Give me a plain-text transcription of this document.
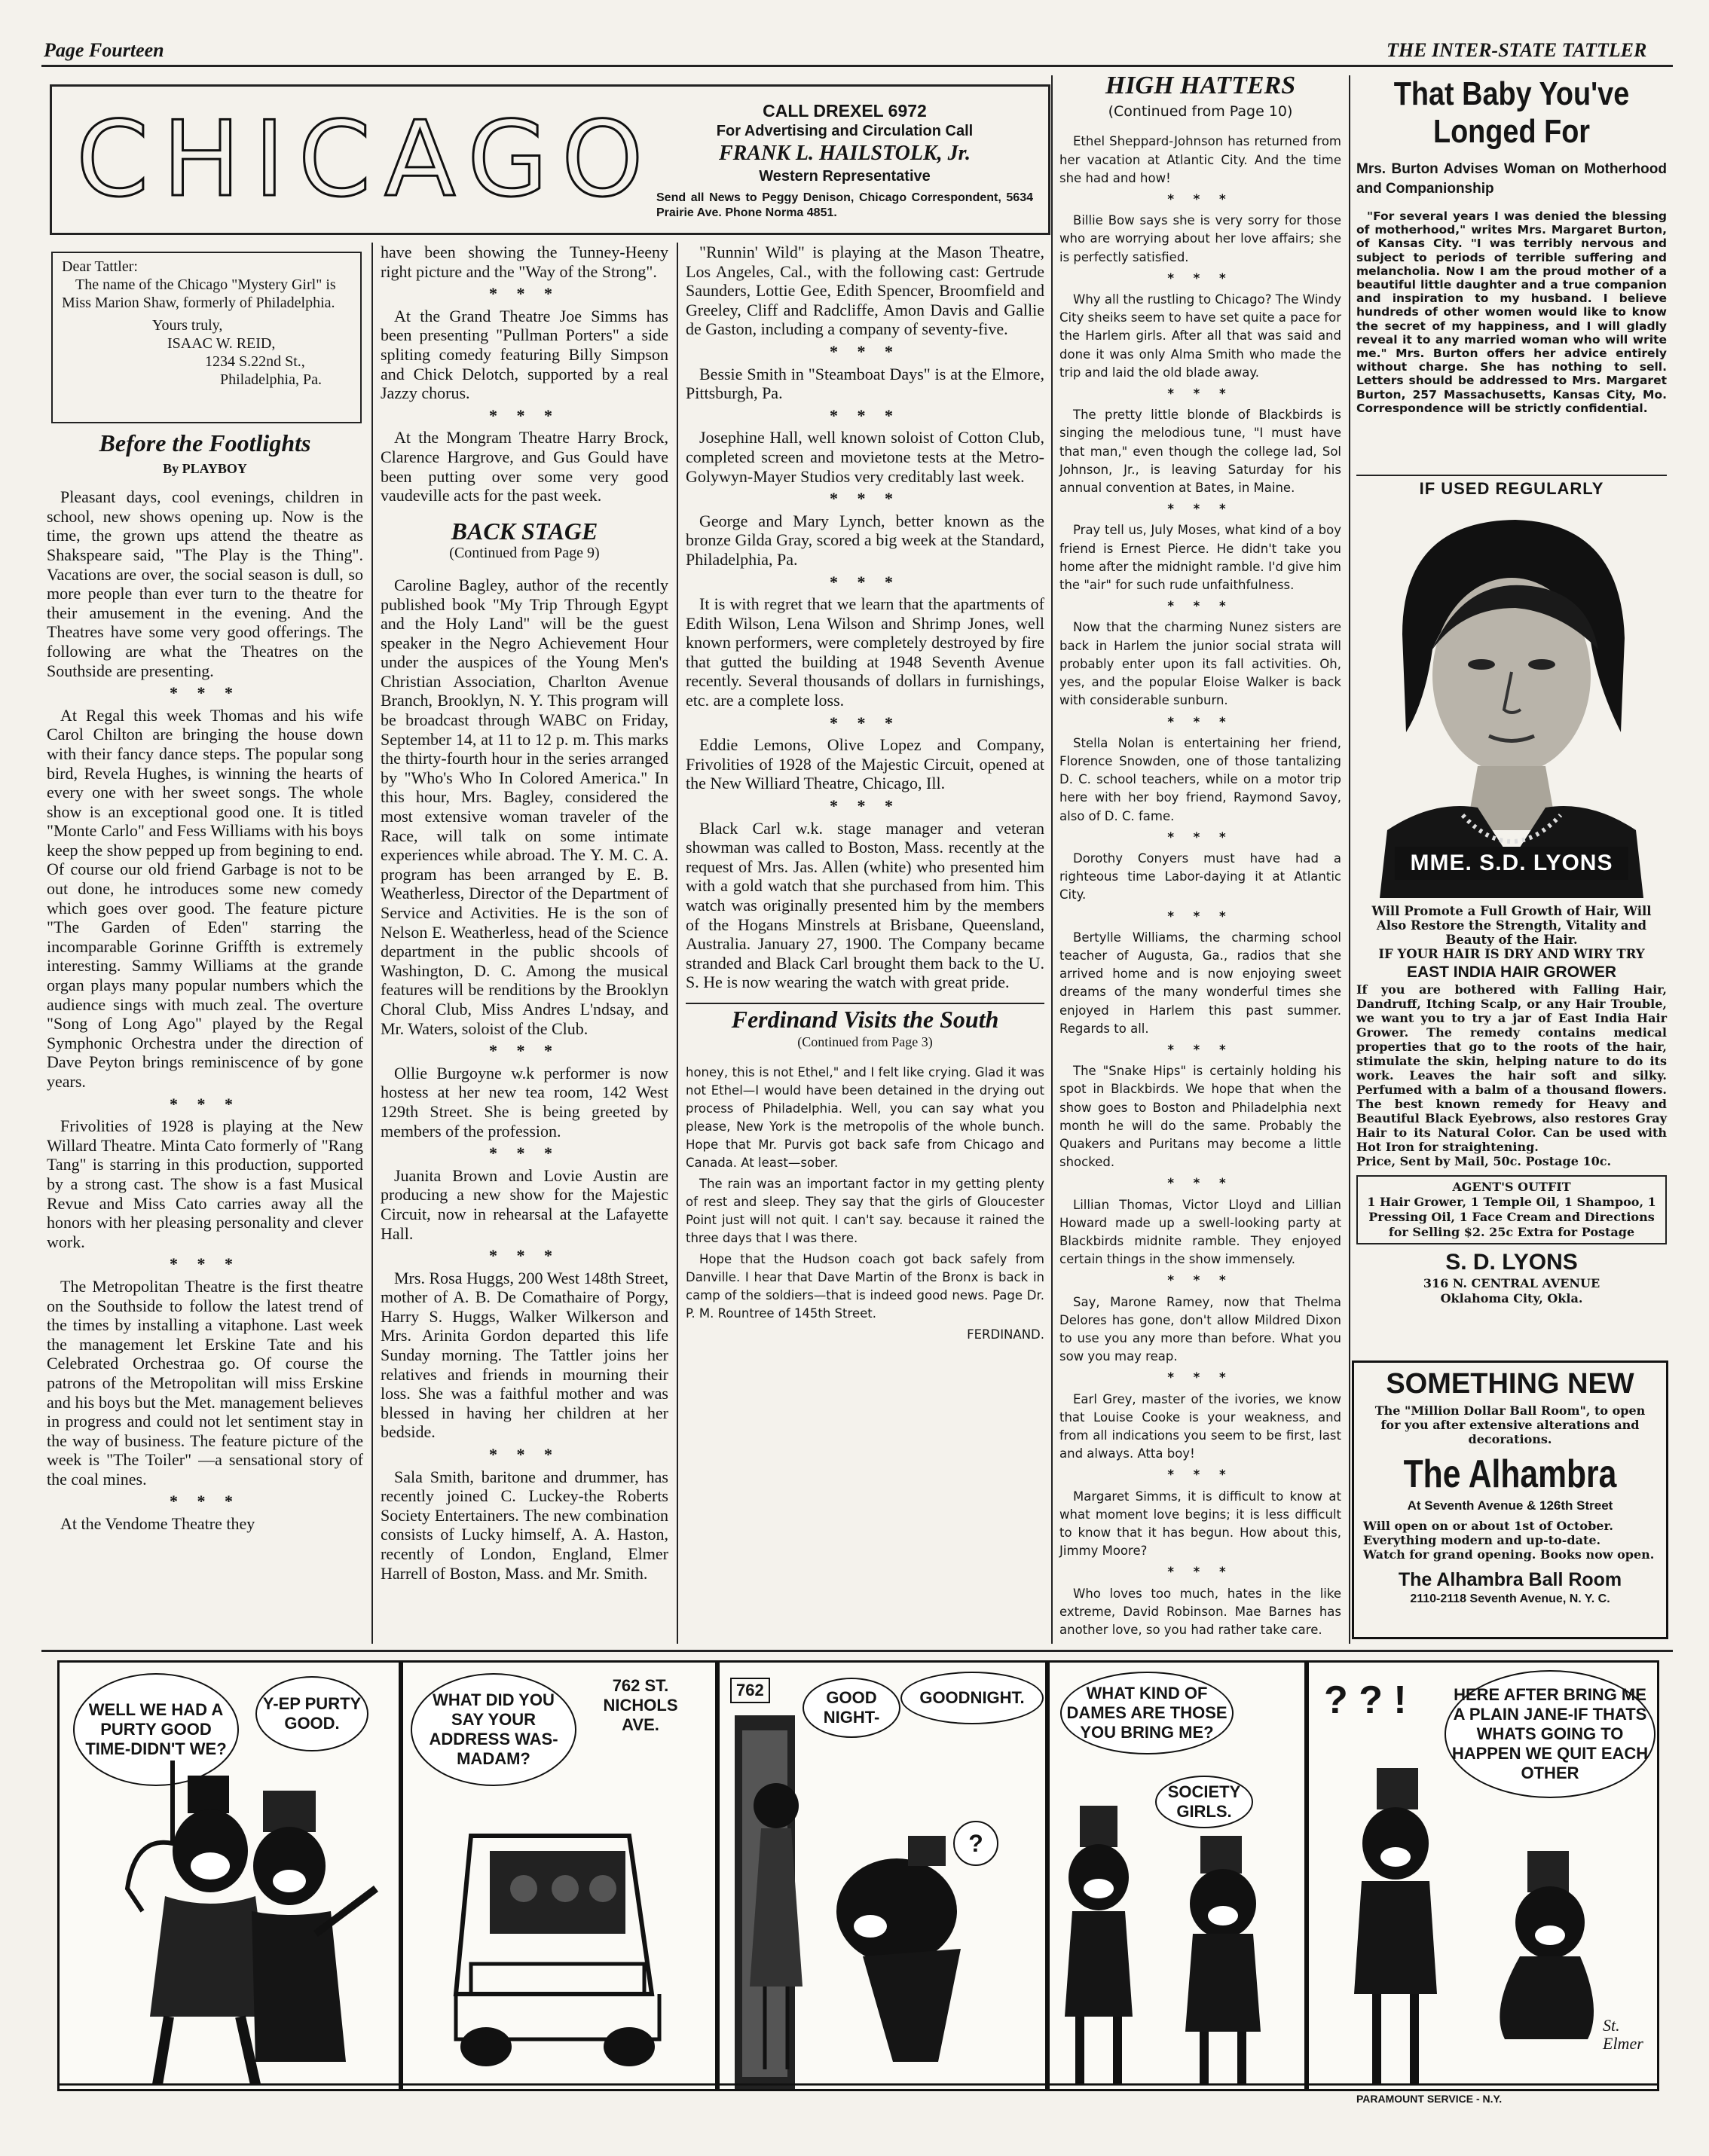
Page Fourteen	THE INTER-STATE TATTLER
CHICAGO	CALL DREXEL 6972
For Advertising and Circulation Call
FRANK L. HAILSTOLK, Jr.
Western Representative
Send all News to Peggy Denison, Chicago Correspondent, 5634 Prairie Ave. Phone Norma 4851.
Dear Tattler:
The name of the Chicago "Mystery Girl" is Miss Marion Shaw, formerly of Philadelphia.
Yours truly,
ISAAC W. REID,
1234 S.22nd St.,
Philadelphia, Pa.
Before the Footlights
By PLAYBOY

Pleasant days, cool evenings, children in school, new shows opening up. Now is the time, the grown ups attend the theatre as Shakspeare said, "The Play is the Thing". Vacations are over, the social season is dull, so more people than ever turn to the theatre for their amusement in the evening. And the Theatres have some very good offerings. The following are what the Theatres on the Southside are presenting.

* * *

At Regal this week Thomas and his wife Carol Chilton are bringing the house down with their fancy dance steps. The popular song bird, Revela Hughes, is winning the hearts of every one with her sweet songs. The whole show is an exceptional good one. It is titled "Monte Carlo" and Fess Williams with his boys keep the show pepped up from begining to end. Of course our old friend Garbage is not to be out done, he introduces some new comedy which goes over good. The feature picture "The Garden of Eden" starring the incomparable Gorinne Griffth is extremely interesting. Sammy Williams at the grande organ plays many popular numbers which the audience sings with much zeal. The overture "Song of Long Ago" played by the Regal Symphonic Orchestra under the direction of Dave Peyton brings reminiscence of by gone years.

* * *

Frivolities of 1928 is playing at the New Willard Theatre. Minta Cato formerly of "Rang Tang" is starring in this production, supported by a strong cast. The show is a fast Musical Revue and Miss Cato carries away all the honors with her pleasing personality and clever work.

* * *

The Metropolitan Theatre is the first theatre on the Southside to follow the latest trend of the times by installing a vitaphone. Last week the management let Erskine Tate and his Celebrated Orchestraa go. Of course the patrons of the Metropolitan will miss Erskine and his boys but the Met. management believes in progress and could not let sentiment stay in the way of business. The feature picture of the week is "The Toiler" —a sensational story of the coal mines.

* * *

At the Vendome Theatre they

have been showing the Tunney-Heeny right picture and the "Way of the Strong".

* * *

At the Grand Theatre Joe Simms has been presenting "Pullman Porters" a side spliting comedy featuring Billy Simpson and Chick Delotch, supported by a real Jazzy chorus.

* * *

At the Mongram Theatre Harry Brock, Clarence Hargrove, and Gus Gould have been putting over some very good vaudeville acts for the past week.

BACK STAGE
(Continued from Page 9)

Caroline Bagley, author of the recently published book "My Trip Through Egypt and the Holy Land" will be the guest speaker in the Negro Achievement Hour under the auspices of the Young Men's Christian Association, Charlton Avenue Branch, Brooklyn, N. Y. This program will be broadcast through WABC on Friday, September 14, at 11 to 12 p. m. This marks the thirty-fourth hour in the series arranged by "Who's Who In Colored America." In this hour, Mrs. Bagley, considered the most extensive woman traveler of the Race, will talk on some intimate experiences while abroad. The Y. M. C. A. program has been arranged by E. B. Weatherless, Director of the Department of Service and Activities. He is the son of Nelson E. Weatherless, head of the Science department in the public shcools of Washington, D. C. Among the musical features will be renditions by the Brooklyn Choral Club, Miss Andres L'ndsay, and Mr. Waters, soloist of the Club.

* * *

Ollie Burgoyne w.k performer is now hostess at her new tea room, 142 West 129th Street. She is being greeted by members of the profession.

* * *

Juanita Brown and Lovie Austin are producing a new show for the Majestic Circuit, now in rehearsal at the Lafayette Hall.

* * *

Mrs. Rosa Huggs, 200 West 148th Street, mother of A. B. De Comathaire of Porgy, Harry S. Huggs, Walker Wilkerson and Mrs. Arinita Gordon departed this life Sunday morning. The Tattler joins her relatives and friends in mourning their loss. She was a faithful mother and was blessed in having her children at her bedside.

* * *

Sala Smith, baritone and drummer, has recently joined C. Luckey-the Roberts Society Entertainers. The new combination consists of Lucky himself, A. A. Haston, recently of London, England, Elmer Harrell of Boston, Mass. and Mr. Smith.

"Runnin' Wild" is playing at the Mason Theatre, Los Angeles, Cal., with the following cast: Gertrude Saunders, Lottie Gee, Edith Spencer, Broomfield and Greeley, Cliff and Radcliffe, Amon Davis and Gallie de Gaston, including a company of seventy-five.

* * *

Bessie Smith in "Steamboat Days" is at the Elmore, Pittsburgh, Pa.

* * *

Josephine Hall, well known soloist of Cotton Club, completed screen and movietone tests at the Metro-Golywyn-Mayer Studios very creditably last week.

* * *

George and Mary Lynch, better known as the bronze Gilda Gray, scored a big week at the Standard, Philadelphia, Pa.

* * *

It is with regret that we learn that the apartments of Edith Wilson, Lena Wilson and Shrimp Jones, well known performers, were completely destroyed by fire that gutted the building at 1948 Seventh Avenue recently. Several thousands of dollars in furnishings, etc. are a complete loss.

* * *

Eddie Lemons, Olive Lopez and Company, Frivolities of 1928 of the Majestic Circuit, opened at the New Williard Theatre, Chicago, Ill.

* * *

Black Carl w.k. stage manager and veteran showman was called to Boston, Mass. recently at the request of Mrs. Jas. Allen (white) who presented him with a gold watch that she purchased from him. This watch was originally presented him by the members of the Hogans Minstrels at Brisbane, Queensland, Australia. January 27, 1900. The Company became stranded and Black Carl brought them back to the U. S. He is now wearing the watch with great pride.

Ferdinand Visits the South
(Continued from Page 3)

honey, this is not Ethel," and I felt like crying. Glad it was not Ethel—I would have been detained in the drying out process of Philadelphia. Well, you can say what you please, New York is the metropolis of the whole bunch. Hope that Mr. Purvis got back safe from Chicago and Canada. At least—sober.

The rain was an important factor in my getting plenty of rest and sleep. They say that the girls of Gloucester Point just will not quit. I can't say. because it rained the three days that I was there.

Hope that the Hudson coach got back safely from Danville. I hear that Dave Martin of the Bronx is back in camp of the soldiers—that is indeed good news. Page Dr. P. M. Rountree of 145th Street.

FERDINAND.
HIGH HATTERS
(Continued from Page 10)

Ethel Sheppard-Johnson has returned from her vacation at Atlantic City. And the time she had and how!

* * *

Billie Bow says she is very sorry for those who are worrying about her love affairs; she is perfectly satisfied.

* * *

Why all the rustling to Chicago? The Windy City sheiks seem to have set quite a pace for the Harlem girls. After all that was said and done it was only Alma Smith who made the trip and laid the old blade away.

* * *

The pretty little blonde of Blackbirds is singing the melodious tune, "I must have that man," even though the college lad, Sol Johnson, Jr., is leaving Saturday for his annual convention at Bates, in Maine.

* * *

Pray tell us, July Moses, what kind of a boy friend is Ernest Pierce. He didn't take you home after the midnight ramble. I'd give him the "air" for such rude unfaithfulness.

* * *

Now that the charming Nunez sisters are back in Harlem the junior social strata will probably enter upon its fall activities. Oh, yes, and the popular Eloise Walker is back with considerable sunburn.

* * *

Stella Nolan is entertaining her friend, Florence Snowden, one of those tantalizing D. C. school teachers, while on a motor trip here with her boy friend, Raymond Savoy, also of D. C. fame.

* * *

Dorothy Conyers must have had a righteous time Labor-daying it at Atlantic City.

* * *

Bertylle Williams, the charming school teacher of Augusta, Ga., radios that she arrived home and is now enjoying sweet dreams of the many wonderful times she enjoyed in Harlem this past summer. Regards to all.

* * *

The "Snake Hips" is certainly holding his spot in Blackbirds. We hope that when the show goes to Boston and Philadelphia next month he will do the same. Probably the Quakers and Puritans may become a little shocked.

* * *

Lillian Thomas, Victor Lloyd and Lillian Howard made up a swell-looking party at Blackbirds midnite ramble. They enjoyed certain things in the show immensely.

* * *

Say, Marone Ramey, now that Thelma Delores has gone, don't allow Mildred Dixon to use you any more than before. What you sow you may reap.

* * *

Earl Grey, master of the ivories, we know that Louise Cooke is your weakness, and from all indications you seem to be first, last and always. Atta boy!

* * *

Margaret Simms, it is difficult to know at what moment love begins; it is less difficult to know that it has begun. How about this, Jimmy Moore?

* * *

Who loves too much, hates in the like extreme, David Robinson. Mae Barnes has another love, so you had rather take care.

That Baby You've
Longed For
Mrs. Burton Advises Woman on Motherhood and Companionship
"For several years I was denied the blessing of motherhood," writes Mrs. Margaret Burton, of Kansas City. "I was terribly nervous and subject to periods of terrible suffering and melancholia. Now I am the proud mother of a beautiful little daughter and a true companion and inspiration to my husband. I believe hundreds of other women would like to know the secret of my happiness, and I will gladly reveal it to any married woman who will write me." Mrs. Burton offers her advice entirely without charge. She has nothing to sell. Letters should be addressed to Mrs. Margaret Burton, 257 Massachusetts, Kansas City, Mo. Correspondence will be strictly confidential.
IF USED REGULARLY
MME. S.D. LYONS
Will Promote a Full Growth of Hair, Will Also Restore the Strength, Vitality and Beauty of the Hair.
IF YOUR HAIR IS DRY AND WIRY TRY
EAST INDIA HAIR GROWER
If you are bothered with Falling Hair, Dandruff, Itching Scalp, or any Hair Trouble, we want you to try a jar of East India Hair Grower. The remedy contains medical properties that go to the roots of the hair, stimulate the skin, helping nature to do its work. Leaves the hair soft and silky. Perfumed with a balm of a thousand flowers. The best known remedy for Heavy and Beautiful Black Eyebrows, also restores Gray Hair to its Natural Color. Can be used with Hot Iron for straightening.
Price, Sent by Mail, 50c. Postage 10c.
AGENT'S OUTFIT
1 Hair Grower, 1 Temple Oil, 1 Shampoo, 1 Pressing Oil, 1 Face Cream and Directions for Selling $2. 25c Extra for Postage
S. D. LYONS
316 N. CENTRAL AVENUE
Oklahoma City, Okla.
SOMETHING NEW
The "Million Dollar Ball Room", to open for you after extensive alterations and decorations.
The Alhambra
At Seventh Avenue & 126th Street
Will open on or about 1st of October. Everything modern and up-to-date.
Watch for grand opening. Books now open.
The Alhambra Ball Room
2110-2118 Seventh Avenue, N. Y. C.
WELL WE HAD A PURTY GOOD TIME-DIDN'T WE?
Y-EP PURTY GOOD.
WHAT DID YOU SAY YOUR ADDRESS WAS-MADAM?
762 ST. NICHOLS AVE.
762	GOOD NIGHT-
GOODNIGHT.
?
WHAT KIND OF DAMES ARE THOSE YOU BRING ME?
SOCIETY GIRLS.
? ? !	HERE AFTER BRING ME A PLAIN JANE-IF THATS WHATS GOING TO HAPPEN WE QUIT EACH OTHER
St. Elmer
PARAMOUNT SERVICE - N.Y.
